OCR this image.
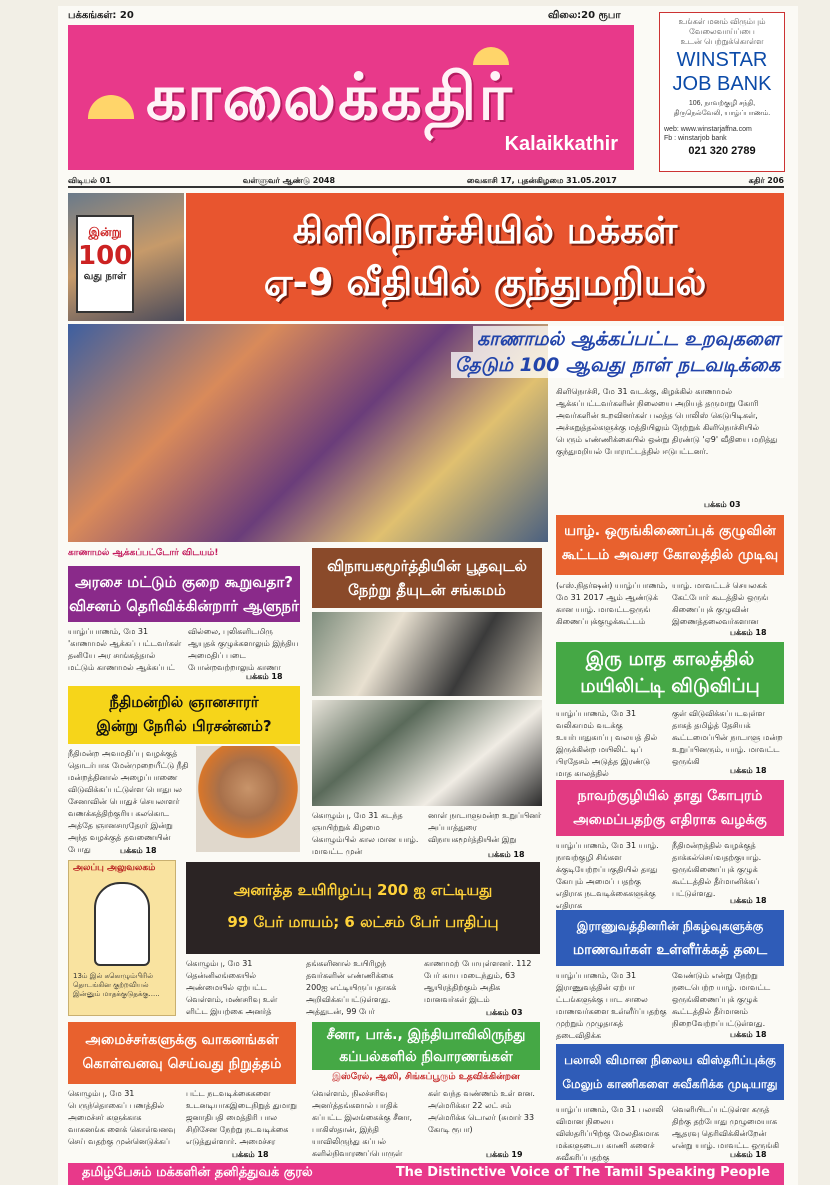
பக்கங்கள்: 20	விலை:20 ரூபா
காலைக்கதிர்
Kalaikkathir
உங்கள் மனம் விரும்பும்
வேலைவாய்ப்பை
உடன் பெற்றுக்கொள்ள
WINSTAR
JOB BANK
106, நாவற்குழி சந்தி,
திருநெல்வேலி, யாழ்ப்பாணம்.
web: www.winstarjaffna.com
Fb : winstarjob bank
021 320 2789
விடியல் 01	வள்ளுவர் ஆண்டு 2048	வைகாசி 17, புதன்கிழமை 31.05.2017	கதிர் 206
இன்று
100
வது நாள்
கிளிநொச்சியில் மக்கள்
ஏ-9 வீதியில் குந்துமறியல்
காணாமல் ஆக்கப்பட்ட உறவுகளை
தேடும் 100 ஆவது நாள் நடவடிக்கை
கிளிநொச்சி, மே 31 வடக்கு, கிழக்கில் காணாமல் ஆக்கப்பட்டவர்களின் நிலையை அறியத் தருமாறு கோரி அவர்களின் உறவினர்கள் பலத்த பொலிஸ் கெடுபிடிகள், அச்சுறுத்தல்களுக்கு மத்தியிலும் நேற்றுக் கிளிநொச்சியில் பெரும் எண்ணிக்கையில் ஒன்று திரண்டு 'ஏ9' வீதியை மறித்து குந்துமறியல் போராட்டத்தில் ஈடுபட்டனர்.
பக்கம் 03
காணாமல் ஆக்கப்பட்டோர் விடயம்!
அரசை மட்டும் குறை கூறுவதா?
விசனம் தெரிவிக்கின்றார் ஆளுநர்
யாழ்ப்பாணம், மே 31 'காணாமல் ஆக்கப் பட்டவர்கள் தனியே அர சாங்கத்தால் மட்டும் காணாமல் ஆக்கப்பட்
வில்லை, புலிகளிடமிரு ஆயுதக் குழுக்களாலும் இந்திய அமைதிப் படை போன்றவற்றாலும் காணா
பக்கம் 18
விநாயகமூர்த்தியின் பூதவுடல்
நேற்று தீயுடன் சங்கமம்
கொழும்பு, மே 31 கடந்த ஞாயிற்றுக் கிழமை கொழும்பில் கால மான யாழ். மாவட்ட முன்
னாள் நாடாளுமன்ற உறுப்பினர் அப்பாத்துரை விநாயகமூர்த்தியின் இறு
பக்கம் 18
யாழ். ஒருங்கிணைப்புக் குழுவின்
கூட்டம் அவசர கோலத்தில் முடிவு
(எஸ்.நிதர்ஷன்) யாழ்ப்பாணம், மே 31 2017 ஆம் ஆண்டுக் கான யாழ். மாவட்டஒருங் கிணைப்புக்குழுக்கூட்டம்
யாழ். மாவட்டச் செயலகக் கேட்போர் கூடத்தில் ஒருங் கிணைப்புக் குழுவின் இணைத்தலைவர்களான
பக்கம் 18
இரு மாத காலத்தில்
மயிலிட்டி விடுவிப்பு
யாழ்ப்பாணம், மே 31 வலிகாமம் வடக்கு உயர்பாதுகாப்பு வலயத் தில் இருக்கின்ற மயிலிட் டிப் பிரதேசம் அடுத்த இரண்டு மாத காலத்தில்
குள் விடுவிக்கப்படவுள்ள தாகத் தமிழ்த் தேசியக் கூட்டமைப்பின் நாடாளு மன்ற உறுப்பினரும், யாழ். மாவட்ட ஒருங்கி
பக்கம் 18
நீதிமன்றில் ஞானசாரர்
இன்று நேரில் பிரசன்னம்?
நீதிமன்ற அவமதிப்பு வழக்குத் தொடர்பாக மேன்முறையீட்டு நீதி மன்றத்தினால் அழைப்பாணை விடுவிக்கப்பட்டுள்ள பொதுபல சேனாவின் பொதுச் செயலாளர் வணக்கத்திற்குரிய கலகொட அத்தே ஞானசாரதேரர் இன்று அந்த வழக்குத் தவணையின் போது	பக்கம் 18
நாவற்குழியில் தாது கோபுரம்
அமைப்பதற்கு எதிராக வழக்கு
யாழ்ப்பாணம், மே 31 யாழ். நாவற்குழி சிங்கள க்குடியேற்றப்பகுதியில் தாது கோபும் அமைப் பதற்கு எதிராக நடவடிக்கைகளுக்கு எதிராக
நீதிமன்றத்தில் வழக்குத் தாக்கல்செய்வதற்குயாழ். ஒருங்கிணைப்புக் குழுக் கூட்டத்தில் தீர்மானிக்கப் பட்டுள்ளது.
பக்கம் 18
அலப்பு அலுவலகம்
13ம் இல் ககொழும்பிரில் தொடங்கின குற்றவியல் இன்னும் மாதக்குடுதக்கு.....
அனர்த்த உயிரிழப்பு 200 ஐ எட்டியது
99 பேர் மாயம்; 6 லட்சம் பேர் பாதிப்பு
கொழும்பு, மே 31 தென்னிலங்கையில் அண்மையில் ஏற்பட்ட வெள்ளம், மண்சரிவு உள் ளிட்ட இயற்கை அனர்த்
தங்களினால் உயிரிழந் தவர்களின் எண்ணிக்கை 200ஐ எட்டியிருப்பதாகக் அறிவிக்கப்பட்டுள்ளது. அத்துடன், 99 பேர்
காணாமற் போயுள்ளனர். 112 பேர் காய மடைந்தும், 63 ஆயிரத்திற்கும் அதிக மானவர்கள் இடம்
பக்கம் 03
இராணுவத்தினரின் நிகழ்வுகளுக்கு
மாணவர்கள் உள்ளீர்க்கத் தடை
யாழ்ப்பாணம், மே 31 இராணுவத்தின் ஏற்பா ட்டங்களுக்கு பாட சாலை மாணவர்களை உள்ளீர்ப்பதற்கு முற்றும் முழுதாகத் தடைவிதிக்க
வேண்டும் என்று நேற்று நடைபெற்ற யாழ். மாவட்ட ஒருங்கிணைப்புக் குழுக் கூட்டத்தில் தீர்மானம் நிறைவேற்றப்பட்டுள்ளது.
பக்கம் 18
அமைச்சர்களுக்கு வாகனங்கள்
கொள்வனவு செய்வது நிறுத்தம்
கொழும்பு, மே 31 பெருந்தொகைப் பணத்தில் அமைச்சர் களுக்காக வாகனங்க ளைக் கொள்வனவு செய் வதற்கு முன்னெடுக்கப்
பட்ட நடவடிக்கைகளை உடனடியாகஇடைநிறுத் துமாறு ஜனாதிபதி மைத்திரி பால சிறிசேன நேற்று நடவடிக்கை எடுத்துள்ளார். அமைச்சர
பக்கம் 18
சீனா, பாக்., இந்தியாவிலிருந்து
கப்பல்களில் நிவாரணங்கள்
இஸ்ரேல், ஆஸி, சிங்கப்பூரும் உதவிக்கின்றன
வெள்ளம், நிலச்சரிவு அனர்த்தங்களால் பாதிக் கப்பட்ட இலங்கைக்கு சீனா, பாகிஸ்தான், இந்தி யாவிலிருந்து கப்பல் களில்நிவாரணப்பொருள்
கள் வந்த வண்ணம் உள் ளன. அமெரிக்கா 22 லட் சம் அமெரிக்க டொலர் (சுமார் 33 கோடி ரூபா)
பக்கம் 19
பலாலி விமான நிலைய விஸ்தரிப்புக்கு
மேலும் காணிகளை சுவீகரிக்க முடியாது
யாழ்ப்பாணம், மே 31 பலாலி விமான நிலைய விஸ்தரிப்பிற்கு மேலதிகமாக மக்களுடைய காணி களைச் சுவீகரிப்பதற்கு
வெளியிடப்பட்டுள்ள கருத் திற்கு தற்போது முழுமையாக ஆதரவு தெரிவிக்கின்றேன் என்று யாழ். மாவட்ட ஒருங்கி
பக்கம் 18
தமிழ்பேசும் மக்களின் தனித்துவக் குரல்	The Distinctive Voice of The Tamil Speaking People
